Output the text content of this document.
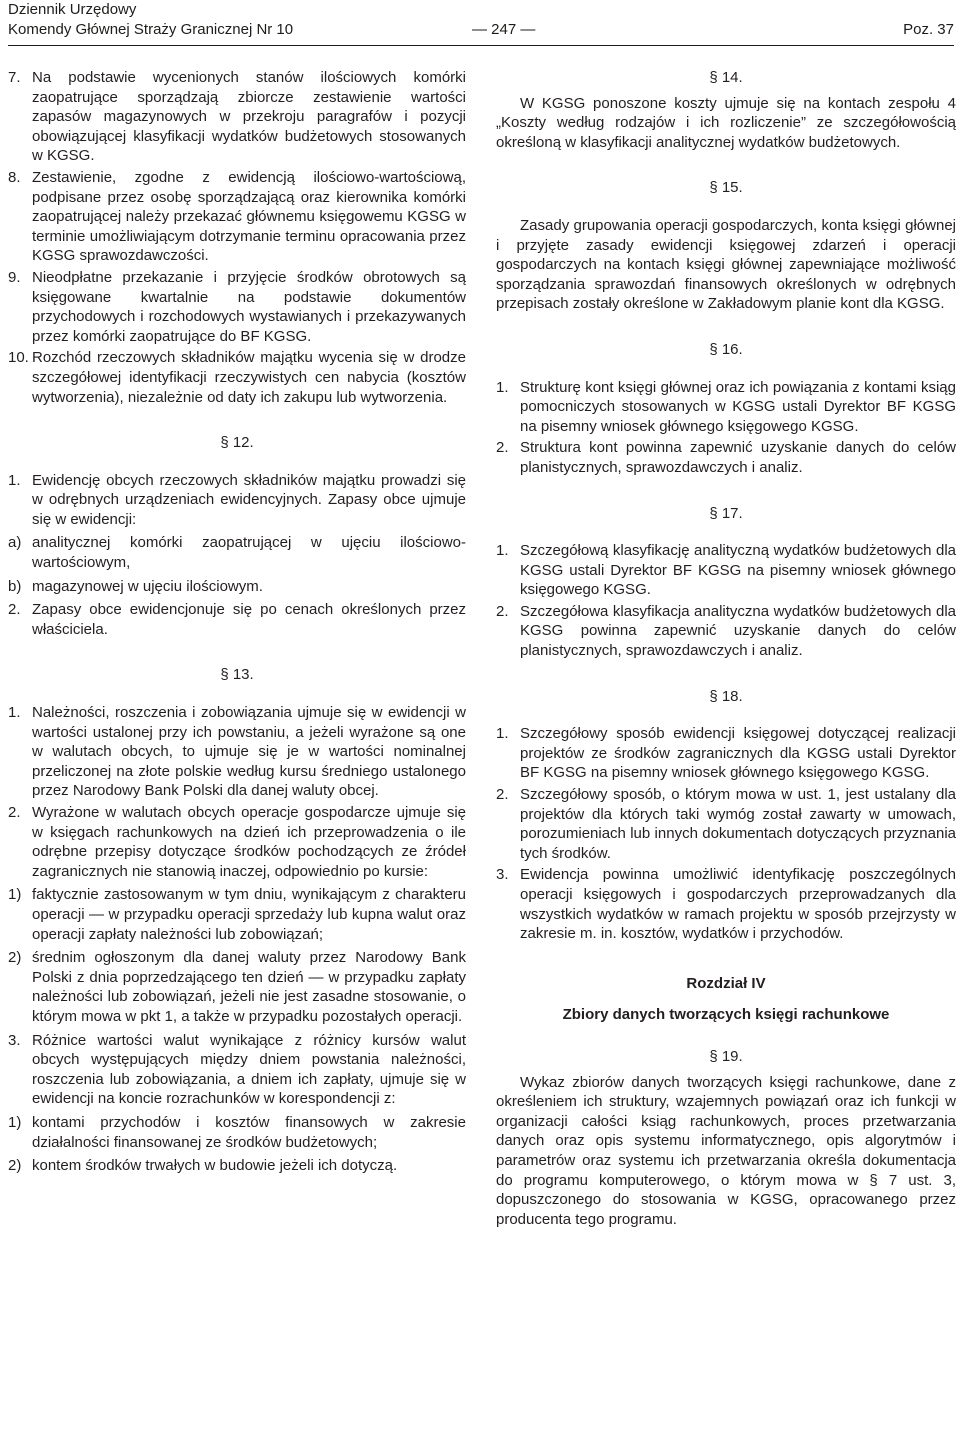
Dziennik Urzędowy
Komendy Głównej Straży Granicznej Nr 10	— 247 —	Poz. 37
7. Na podstawie wycenionych stanów ilościowych komórki zaopatrujące sporządzają zbiorcze zestawienie wartości zapasów magazynowych w przekroju paragrafów i pozycji obowiązującej klasyfikacji wydatków budżetowych stosowanych w KGSG.
8. Zestawienie, zgodne z ewidencją ilościowo-wartościową, podpisane przez osobę sporządzającą oraz kierownika komórki zaopatrującej należy przekazać głównemu księgowemu KGSG w terminie umożliwiającym dotrzymanie terminu opracowania przez KGSG sprawozdawczości.
9. Nieodpłatne przekazanie i przyjęcie środków obrotowych są księgowane kwartalnie na podstawie dokumentów przychodowych i rozchodowych wystawianych i przekazywanych przez komórki zaopatrujące do BF KGSG.
10. Rozchód rzeczowych składników majątku wycenia się w drodze szczegółowej identyfikacji rzeczywistych cen nabycia (kosztów wytworzenia), niezależnie od daty ich zakupu lub wytworzenia.
§ 12.
1. Ewidencję obcych rzeczowych składników majątku prowadzi się w odrębnych urządzeniach ewidencyjnych. Zapasy obce ujmuje się w ewidencji:
a) analitycznej komórki zaopatrującej w ujęciu ilościowo-wartościowym,
b) magazynowej w ujęciu ilościowym.
2. Zapasy obce ewidencjonuje się po cenach określonych przez właściciela.
§ 13.
1. Należności, roszczenia i zobowiązania ujmuje się w ewidencji w wartości ustalonej przy ich powstaniu, a jeżeli wyrażone są one w walutach obcych, to ujmuje się je w wartości nominalnej przeliczonej na złote polskie według kursu średniego ustalonego przez Narodowy Bank Polski dla danej waluty obcej.
2. Wyrażone w walutach obcych operacje gospodarcze ujmuje się w księgach rachunkowych na dzień ich przeprowadzenia o ile odrębne przepisy dotyczące środków pochodzących ze źródeł zagranicznych nie stanowią inaczej, odpowiednio po kursie:
1) faktycznie zastosowanym w tym dniu, wynikającym z charakteru operacji — w przypadku operacji sprzedaży lub kupna walut oraz operacji zapłaty należności lub zobowiązań;
2) średnim ogłoszonym dla danej waluty przez Narodowy Bank Polski z dnia poprzedzającego ten dzień — w przypadku zapłaty należności lub zobowiązań, jeżeli nie jest zasadne stosowanie, o którym mowa w pkt 1, a także w przypadku pozostałych operacji.
3. Różnice wartości walut wynikające z różnicy kursów walut obcych występujących między dniem powstania należności, roszczenia lub zobowiązania, a dniem ich zapłaty, ujmuje się w ewidencji na koncie rozrachunków w korespondencji z:
1) kontami przychodów i kosztów finansowych w zakresie działalności finansowanej ze środków budżetowych;
2) kontem środków trwałych w budowie jeżeli ich dotyczą.
§ 14.
W KGSG ponoszone koszty ujmuje się na kontach zespołu 4 „Koszty według rodzajów i ich rozliczenie” ze szczegółowością określoną w klasyfikacji analitycznej wydatków budżetowych.
§ 15.
Zasady grupowania operacji gospodarczych, konta księgi głównej i przyjęte zasady ewidencji księgowej zdarzeń i operacji gospodarczych na kontach księgi głównej zapewniające możliwość sporządzania sprawozdań finansowych określonych w odrębnych przepisach zostały określone w Zakładowym planie kont dla KGSG.
§ 16.
1. Strukturę kont księgi głównej oraz ich powiązania z kontami ksiąg pomocniczych stosowanych w KGSG ustali Dyrektor BF KGSG na pisemny wniosek głównego księgowego KGSG.
2. Struktura kont powinna zapewnić uzyskanie danych do celów planistycznych, sprawozdawczych i analiz.
§ 17.
1. Szczegółową klasyfikację analityczną wydatków budżetowych dla KGSG ustali Dyrektor BF KGSG na pisemny wniosek głównego księgowego KGSG.
2. Szczegółowa klasyfikacja analityczna wydatków budżetowych dla KGSG powinna zapewnić uzyskanie danych do celów planistycznych, sprawozdawczych i analiz.
§ 18.
1. Szczegółowy sposób ewidencji księgowej dotyczącej realizacji projektów ze środków zagranicznych dla KGSG ustali Dyrektor BF KGSG na pisemny wniosek głównego księgowego KGSG.
2. Szczegółowy sposób, o którym mowa w ust. 1, jest ustalany dla projektów dla których taki wymóg został zawarty w umowach, porozumieniach lub innych dokumentach dotyczących przyznania tych środków.
3. Ewidencja powinna umożliwić identyfikację poszczególnych operacji księgowych i gospodarczych przeprowadzanych dla wszystkich wydatków w ramach projektu w sposób przejrzysty w zakresie m. in. kosztów, wydatków i przychodów.
Rozdział IV
Zbiory danych tworzących księgi rachunkowe
§ 19.
Wykaz zbiorów danych tworzących księgi rachunkowe, dane z określeniem ich struktury, wzajemnych powiązań oraz ich funkcji w organizacji całości ksiąg rachunkowych, proces przetwarzania danych oraz opis systemu informatycznego, opis algorytmów i parametrów oraz systemu ich przetwarzania określa dokumentacja do programu komputerowego, o którym mowa w § 7 ust. 3, dopuszczonego do stosowania w KGSG, opracowanego przez producenta tego programu.
